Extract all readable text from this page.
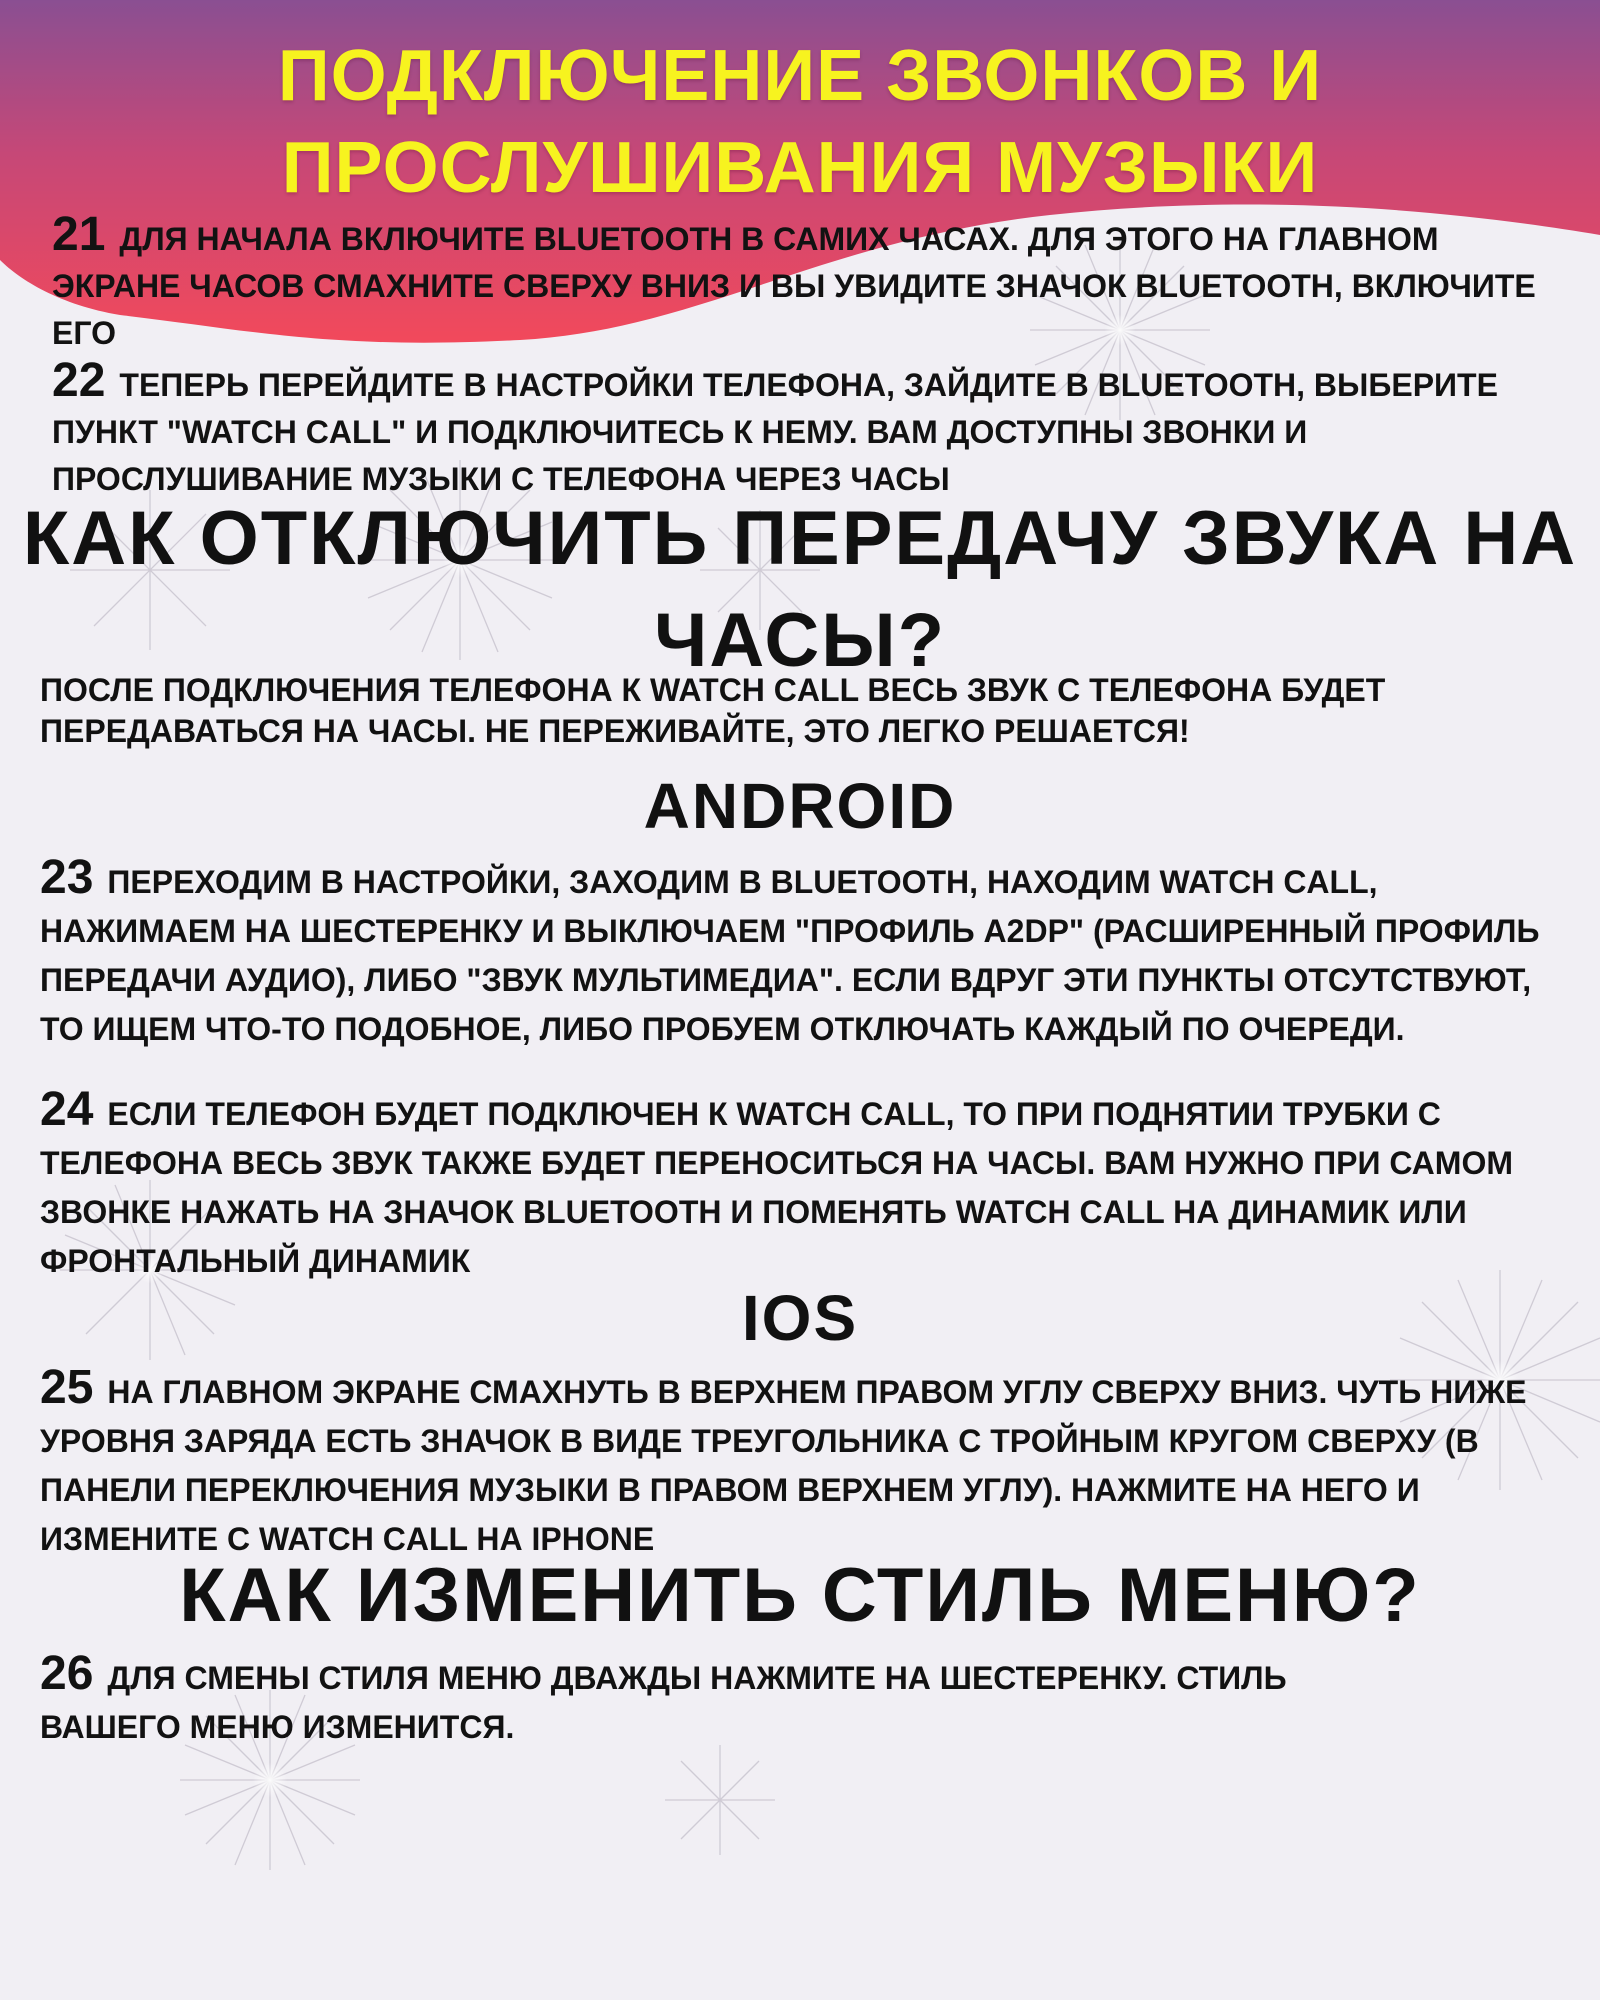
ПОДКЛЮЧЕНИЕ ЗВОНКОВ И
ПРОСЛУШИВАНИЯ МУЗЫКИ

21 ДЛЯ НАЧАЛА ВКЛЮЧИТЕ BLUETOOTH В САМИХ ЧАСАХ. ДЛЯ ЭТОГО НА ГЛАВНОМ ЭКРАНЕ ЧАСОВ СМАХНИТЕ СВЕРХУ ВНИЗ И ВЫ УВИДИТЕ ЗНАЧОК BLUETOOTH, ВКЛЮЧИТЕ ЕГО

22 ТЕПЕРЬ ПЕРЕЙДИТЕ В НАСТРОЙКИ ТЕЛЕФОНА, ЗАЙДИТЕ В BLUETOOTH, ВЫБЕРИТЕ ПУНКТ "WATCH CALL" И ПОДКЛЮЧИТЕСЬ К НЕМУ. ВАМ ДОСТУПНЫ ЗВОНКИ И ПРОСЛУШИВАНИЕ МУЗЫКИ С ТЕЛЕФОНА ЧЕРЕЗ ЧАСЫ

КАК ОТКЛЮЧИТЬ ПЕРЕДАЧУ ЗВУКА НА
ЧАСЫ?

ПОСЛЕ ПОДКЛЮЧЕНИЯ ТЕЛЕФОНА К WATCH CALL ВЕСЬ ЗВУК С ТЕЛЕФОНА БУДЕТ ПЕРЕДАВАТЬСЯ НА ЧАСЫ. НЕ ПЕРЕЖИВАЙТЕ, ЭТО ЛЕГКО РЕШАЕТСЯ!

ANDROID

23 ПЕРЕХОДИМ В НАСТРОЙКИ, ЗАХОДИМ В BLUETOOTH, НАХОДИМ WATCH CALL, НАЖИМАЕМ НА ШЕСТЕРЕНКУ И ВЫКЛЮЧАЕМ "ПРОФИЛЬ A2DP" (РАСШИРЕННЫЙ ПРОФИЛЬ ПЕРЕДАЧИ АУДИО), ЛИБО "ЗВУК МУЛЬТИМЕДИА". ЕСЛИ ВДРУГ ЭТИ ПУНКТЫ ОТСУТСТВУЮТ, ТО ИЩЕМ ЧТО-ТО ПОДОБНОЕ, ЛИБО ПРОБУЕМ ОТКЛЮЧАТЬ КАЖДЫЙ ПО ОЧЕРЕДИ.

24 ЕСЛИ ТЕЛЕФОН БУДЕТ ПОДКЛЮЧЕН К WATCH CALL, ТО ПРИ ПОДНЯТИИ ТРУБКИ С ТЕЛЕФОНА ВЕСЬ ЗВУК ТАКЖЕ БУДЕТ ПЕРЕНОСИТЬСЯ НА ЧАСЫ. ВАМ НУЖНО ПРИ САМОМ ЗВОНКЕ НАЖАТЬ НА ЗНАЧОК BLUETOOTH И ПОМЕНЯТЬ WATCH CALL НА ДИНАМИК ИЛИ ФРОНТАЛЬНЫЙ ДИНАМИК

IOS

25 НА ГЛАВНОМ ЭКРАНЕ СМАХНУТЬ В ВЕРХНЕМ ПРАВОМ УГЛУ СВЕРХУ ВНИЗ. ЧУТЬ НИЖЕ УРОВНЯ ЗАРЯДА ЕСТЬ ЗНАЧОК В ВИДЕ ТРЕУГОЛЬНИКА С ТРОЙНЫМ КРУГОМ СВЕРХУ (В ПАНЕЛИ ПЕРЕКЛЮЧЕНИЯ МУЗЫКИ В ПРАВОМ ВЕРХНЕМ УГЛУ). НАЖМИТЕ НА НЕГО И ИЗМЕНИТЕ С WATCH CALL НА IPHONE

КАК ИЗМЕНИТЬ СТИЛЬ МЕНЮ?

26 ДЛЯ СМЕНЫ СТИЛЯ МЕНЮ ДВАЖДЫ НАЖМИТЕ НА ШЕСТЕРЕНКУ. СТИЛЬ ВАШЕГО МЕНЮ ИЗМЕНИТСЯ.
